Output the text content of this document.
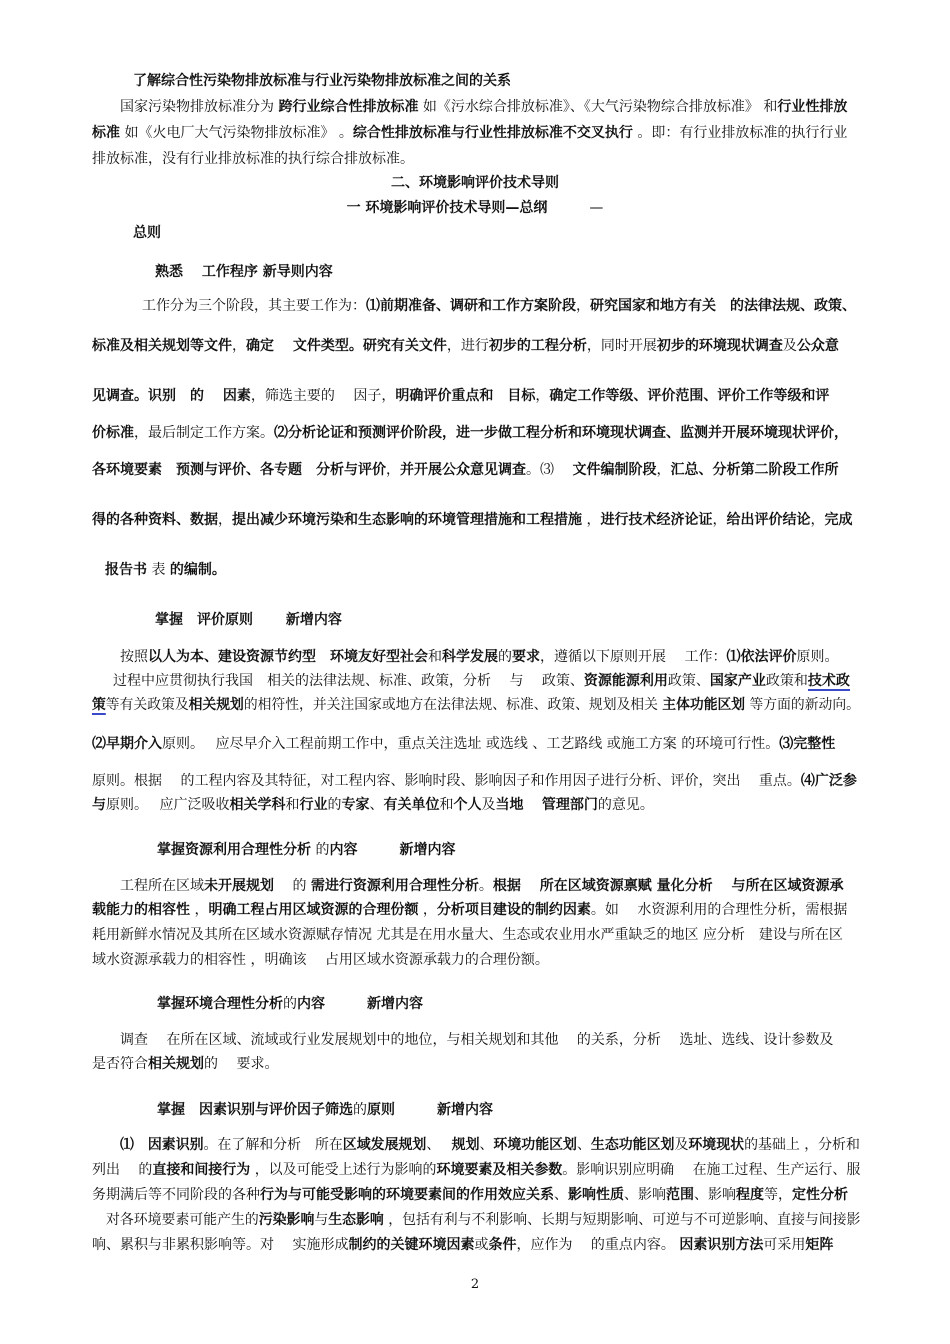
了解综合性污染物排放标准与行业污染物排放标准之间的关系
国家污染物排放标准分为 跨行业综合性排放标准 如《污水综合排放标准》、《大气污染物综合排放标准》 和行业性排放
标准 如《火电厂大气污染物排放标准》 。综合性排放标准与行业性排放标准不交叉执行 。即：有行业排放标准的执行行业
排放标准，没有行业排放标准的执行综合排放标准。
二、环境影响评价技术导则
一 环境影响评价技术导则—总纲　　　—
总则
熟悉　 工作程序 新导则内容
工作分为三个阶段，其主要工作为：⑴前期准备、调研和工作方案阶段，研究国家和地方有关　的法律法规、政策、
标准及相关规划等文件，确定　 文件类型。研究有关文件，进行初步的工程分析，同时开展初步的环境现状调查及公众意
见调查。识别　的　 因素，筛选主要的　 因子，明确评价重点和　目标，确定工作等级、评价范围、评价工作等级和评
价标准，最后制定工作方案。⑵分析论证和预测评价阶段，进一步做工程分析和环境现状调查、监测并开展环境现状评价，
各环境要素　预测与评价、各专题　分析与评价，并开展公众意见调查。⑶　 文件编制阶段，汇总、分析第二阶段工作所
得的各种资料、数据，提出减少环境污染和生态影响的环境管理措施和工程措施 ，进行技术经济论证，给出评价结论，完成
报告书 表 的编制。
掌握　评价原则　　 新增内容
按照以人为本、建设资源节约型　环境友好型社会和科学发展的要求，遵循以下原则开展　 工作：⑴依法评价原则。
过程中应贯彻执行我国　相关的法律法规、标准、政策，分析　 与　 政策、资源能源利用政策、国家产业政策和技术政
策等有关政策及相关规划的相符性，并关注国家或地方在法律法规、标准、政策、规划及相关 主体功能区划 等方面的新动向。
⑵早期介入原则。　 应尽早介入工程前期工作中，重点关注选址 或选线 、工艺路线 或施工方案 的环境可行性。⑶完整性
原则。根据　 的工程内容及其特征，对工程内容、影响时段、影响因子和作用因子进行分析、评价，突出　 重点。⑷广泛参
与原则。　 应广泛吸收相关学科和行业的专家、有关单位和个人及当地　 管理部门的意见。
掌握资源利用合理性分析 的内容　　　新增内容
工程所在区域未开展规划　 的 需进行资源利用合理性分析。根据　 所在区域资源禀赋 量化分析　 与所在区域资源承
载能力的相容性 ，明确工程占用区域资源的合理份额 ，分析项目建设的制约因素。如　 水资源利用的合理性分析，需根据
耗用新鲜水情况及其所在区域水资源赋存情况 尤其是在用水量大、生态或农业用水严重缺乏的地区 应分析　建设与所在区
域水资源承载力的相容性 ，明确该　 占用区域水资源承载力的合理份额。
掌握环境合理性分析的内容　　　新增内容
调查　 在所在区域、流域或行业发展规划中的地位，与相关规划和其他　 的关系，分析　 选址、选线、设计参数及
是否符合相关规划的　 要求。
掌握　因素识别与评价因子筛选的原则　　　新增内容
⑴　因素识别。在了解和分析　所在区域发展规划、　 规划、环境功能区划、生态功能区划及环境现状的基础上 ，分析和
列出　 的直接和间接行为 ，以及可能受上述行为影响的环境要素及相关参数。影响识别应明确　 在施工过程、生产运行、服
务期满后等不同阶段的各种行为与可能受影响的环境要素间的作用效应关系、影响性质、影响范围、影响程度等，定性分析
对各环境要素可能产生的污染影响与生态影响 ，包括有利与不利影响、长期与短期影响、可逆与不可逆影响、直接与间接影
响、累积与非累积影响等。对　 实施形成制约的关键环境因素或条件，应作为　 的重点内容。 因素识别方法可采用矩阵
2
